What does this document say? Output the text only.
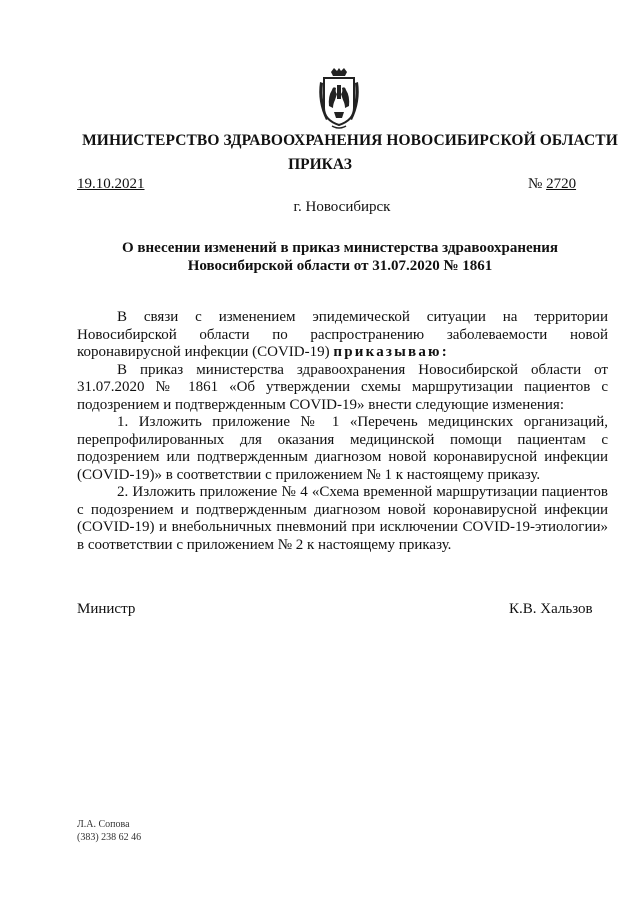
МИНИСТЕРСТВО ЗДРАВООХРАНЕНИЯ НОВОСИБИРСКОЙ ОБЛАСТИ
ПРИКАЗ
19.10.2021	№ 2720
г. Новосибирск
О внесении изменений в приказ министерства здравоохранения
Новосибирской области от 31.07.2020 № 1861

В связи с изменением эпидемической ситуации на территории Новосибирской области по распространению заболеваемости новой коронавирусной инфекции (COVID-19) приказываю:

В приказ министерства здравоохранения Новосибирской области от 31.07.2020 № 1861 «Об утверждении схемы маршрутизации пациентов с подозрением и подтвержденным COVID-19» внести следующие изменения:

1. Изложить приложение № 1 «Перечень медицинских организаций, перепрофилированных для оказания медицинской помощи пациентам с подозрением или подтвержденным диагнозом новой коронавирусной инфекции (COVID-19)» в соответствии с приложением № 1 к настоящему приказу.

2. Изложить приложение № 4 «Схема временной маршрутизации пациентов с подозрением и подтвержденным диагнозом новой коронавирусной инфекции (COVID-19) и внебольничных пневмоний при исключении COVID-19-этиологии» в соответствии с приложением № 2 к настоящему приказу.

Министр	К.В. Хальзов
Л.А. Сопова
(383) 238 62 46
